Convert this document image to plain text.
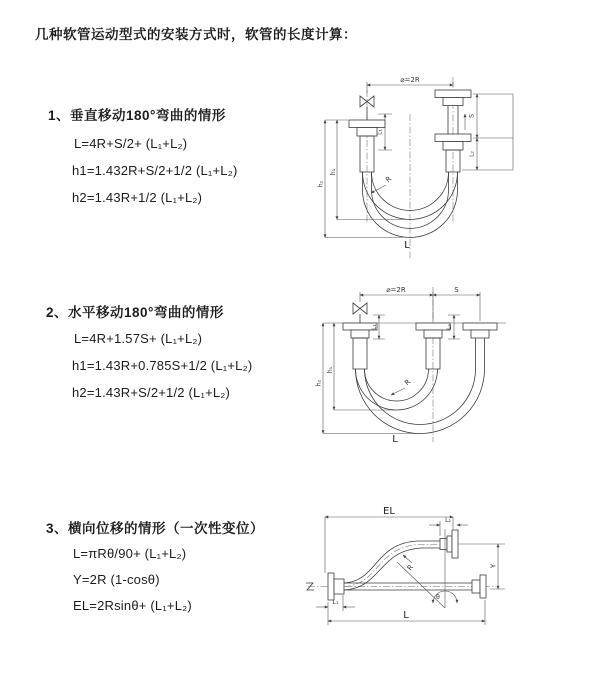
几种软管运动型式的安装方式时，软管的长度计算：
1、垂直移动180°弯曲的情形
L=4R+S/2+ (L₁+L₂)
h1=1.432R+S/2+1/2 (L₁+L₂)
h2=1.43R+1/2 (L₁+L₂)
2、水平移动180°弯曲的情形
L=4R+1.57S+ (L₁+L₂)
h1=1.43R+0.785S+1/2 (L₁+L₂)
h2=1.43R+S/2+1/2 (L₁+L₂)
3、横向位移的情形（一次性变位）
L=πRθ/90+ (L₁+L₂)
Y=2R (1-cosθ)
EL=2Rsinθ+ (L₁+L₂)
⌀=2R
h₁
h₂
L₁
S
L₂
R
L
⌀=2R	S
h₁
h₂
L₁	L₂
R
L
EL
L₂
Y
R
θ
L
L₁
